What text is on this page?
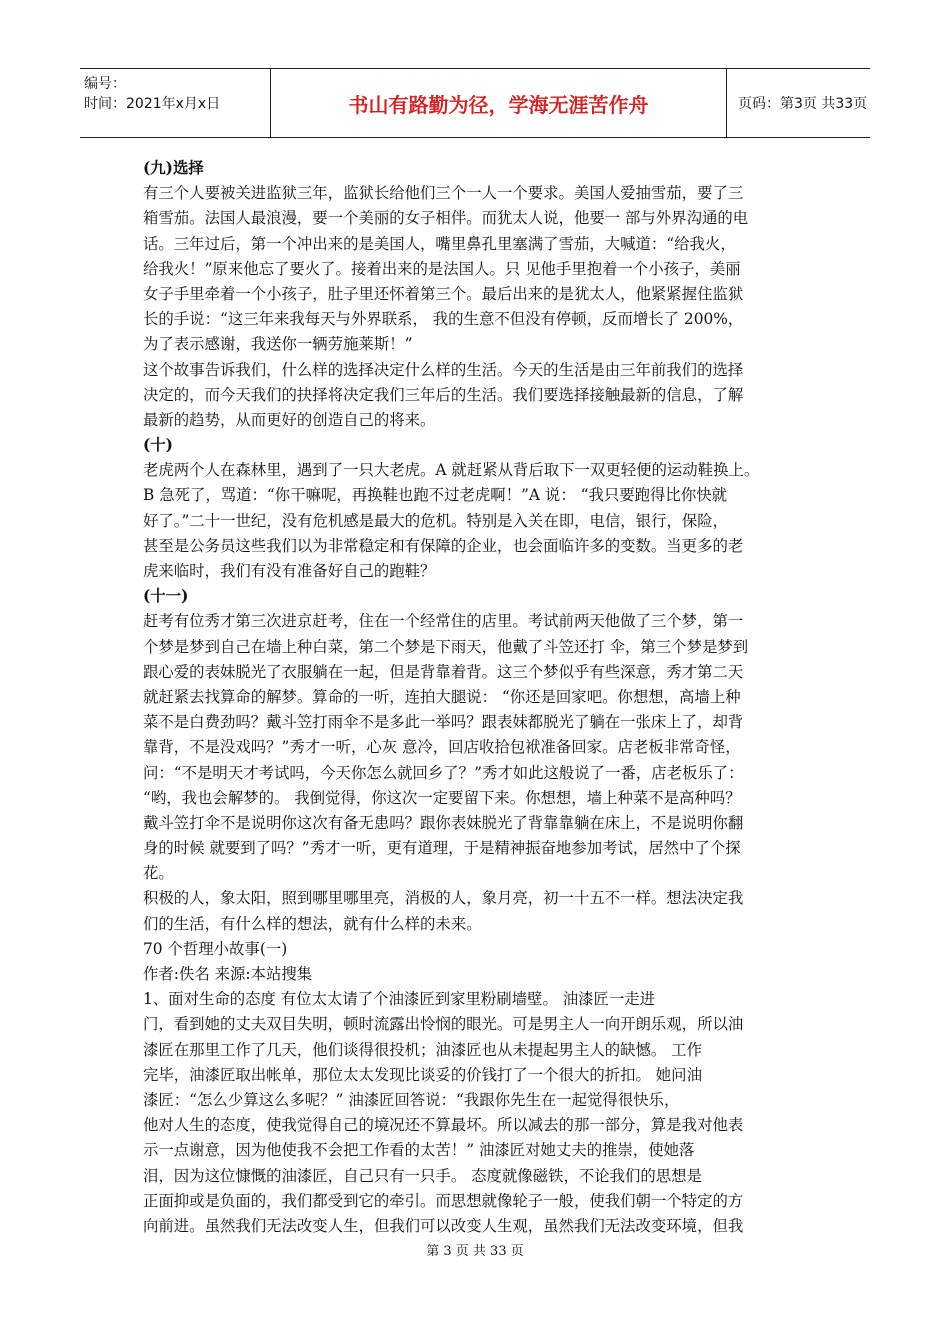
编号：
时间：2021年x月x日	书山有路勤为径，学海无涯苦作舟	页码：第3页 共33页
(九)选择
有三个人要被关进监狱三年，监狱长给他们三个一人一个要求。美国人爱抽雪茄，要了三
箱雪茄。法国人最浪漫，要一个美丽的女子相伴。而犹太人说，他要一 部与外界沟通的电
话。三年过后，第一个冲出来的是美国人，嘴里鼻孔里塞满了雪茄，大喊道：“给我火，
给我火！”原来他忘了要火了。接着出来的是法国人。只 见他手里抱着一个小孩子，美丽
女子手里牵着一个小孩子，肚子里还怀着第三个。最后出来的是犹太人，他紧紧握住监狱
长的手说：“这三年来我每天与外界联系， 我的生意不但没有停顿，反而增长了 200%，
为了表示感谢，我送你一辆劳施莱斯！”
这个故事告诉我们，什么样的选择决定什么样的生活。今天的生活是由三年前我们的选择
决定的，而今天我们的抉择将决定我们三年后的生活。我们要选择接触最新的信息，了解
最新的趋势，从而更好的创造自己的将来。
(十)
老虎两个人在森林里，遇到了一只大老虎。A 就赶紧从背后取下一双更轻便的运动鞋换上。
B 急死了，骂道：“你干嘛呢，再换鞋也跑不过老虎啊！”A 说： “我只要跑得比你快就
好了。”二十一世纪，没有危机感是最大的危机。特别是入关在即，电信，银行，保险，
甚至是公务员这些我们以为非常稳定和有保障的企业，也会面临许多的变数。当更多的老
虎来临时，我们有没有准备好自己的跑鞋？
(十一)
赶考有位秀才第三次进京赶考，住在一个经常住的店里。考试前两天他做了三个梦，第一
个梦是梦到自己在墙上种白菜，第二个梦是下雨天，他戴了斗笠还打 伞，第三个梦是梦到
跟心爱的表妹脱光了衣服躺在一起，但是背靠着背。这三个梦似乎有些深意，秀才第二天
就赶紧去找算命的解梦。算命的一听，连拍大腿说： “你还是回家吧。你想想，高墙上种
菜不是白费劲吗？戴斗笠打雨伞不是多此一举吗？跟表妹都脱光了躺在一张床上了，却背
靠背，不是没戏吗？”秀才一听，心灰 意冷，回店收拾包袱准备回家。店老板非常奇怪，
问：“不是明天才考试吗，今天你怎么就回乡了？”秀才如此这般说了一番，店老板乐了：
“哟，我也会解梦的。 我倒觉得，你这次一定要留下来。你想想，墙上种菜不是高种吗？
戴斗笠打伞不是说明你这次有备无患吗？跟你表妹脱光了背靠靠躺在床上，不是说明你翻
身的时候 就要到了吗？”秀才一听，更有道理，于是精神振奋地参加考试，居然中了个探
花。
积极的人，象太阳，照到哪里哪里亮，消极的人，象月亮，初一十五不一样。想法决定我
们的生活，有什么样的想法，就有什么样的未来。
70 个哲理小故事(一)
作者:佚名 来源:本站搜集
1、面对生命的态度 有位太太请了个油漆匠到家里粉刷墙壁。 油漆匠一走进
门，看到她的丈夫双目失明，顿时流露出怜悯的眼光。可是男主人一向开朗乐观，所以油
漆匠在那里工作了几天，他们谈得很投机；油漆匠也从未提起男主人的缺憾。 工作
完毕，油漆匠取出帐单，那位太太发现比谈妥的价钱打了一个很大的折扣。 她问油
漆匠：“怎么少算这么多呢？” 油漆匠回答说：“我跟你先生在一起觉得很快乐，
他对人生的态度，使我觉得自己的境况还不算最坏。所以减去的那一部分，算是我对他表
示一点谢意，因为他使我不会把工作看的太苦！” 油漆匠对她丈夫的推崇，使她落
泪，因为这位慷慨的油漆匠，自己只有一只手。 态度就像磁铁，不论我们的思想是
正面抑或是负面的，我们都受到它的牵引。而思想就像轮子一般，使我们朝一个特定的方
向前进。虽然我们无法改变人生，但我们可以改变人生观，虽然我们无法改变环境，但我
第 3 页 共 33 页
